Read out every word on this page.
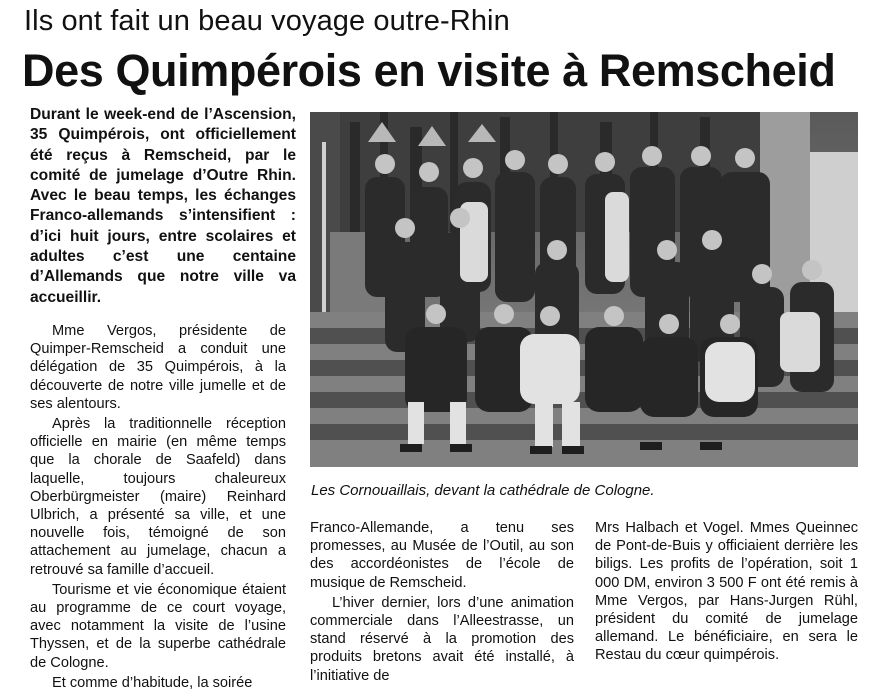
Ils ont fait un beau voyage outre-Rhin
Des Quimpérois en visite à Remscheid

Durant le week-end de l’Ascension, 35 Quimpérois, ont officiellement été reçus à Remscheid, par le comité de jumelage d’Outre Rhin. Avec le beau temps, les échanges Franco-allemands s’intensifient : d’ici huit jours, entre scolaires et adultes c’est une centaine d’Allemands que notre ville va accueillir.

Mme Vergos, présidente de Quimper-Remscheid a conduit une délégation de 35 Quimpérois, à la découverte de notre ville jumelle et de ses alentours.

Après la traditionnelle réception officielle en mairie (en même temps que la chorale de Saafeld) dans laquelle, toujours chaleureux Oberbürgmeister (maire) Reinhard Ulbrich, a présenté sa ville, et une nouvelle fois, témoigné de son attachement au jumelage, chacun a retrouvé sa famille d’accueil.

Tourisme et vie économique étaient au programme de ce court voyage, avec notamment la visite de l’usine Thyssen, et de la superbe cathédrale de Cologne.

Et comme d’habitude, la soirée

Les Cornouaillais, devant la cathédrale de Cologne.

Franco-Allemande, a tenu ses promesses, au Musée de l’Outil, au son des accordéonistes de l’école de musique de Remscheid.

L’hiver dernier, lors d’une animation commerciale dans l’Alleestrasse, un stand réservé à la promotion des produits bretons avait été installé, à l’initiative de

Mrs Halbach et Vogel. Mmes Queinnec de Pont-de-Buis y officiaient derrière les biligs. Les profits de l’opération, soit 1 000 DM, environ 3 500 F ont été remis à Mme Vergos, par Hans-Jurgen Rühl, président du comité de jumelage allemand. Le bénéficiaire, en sera le Restau du cœur quimpérois.
